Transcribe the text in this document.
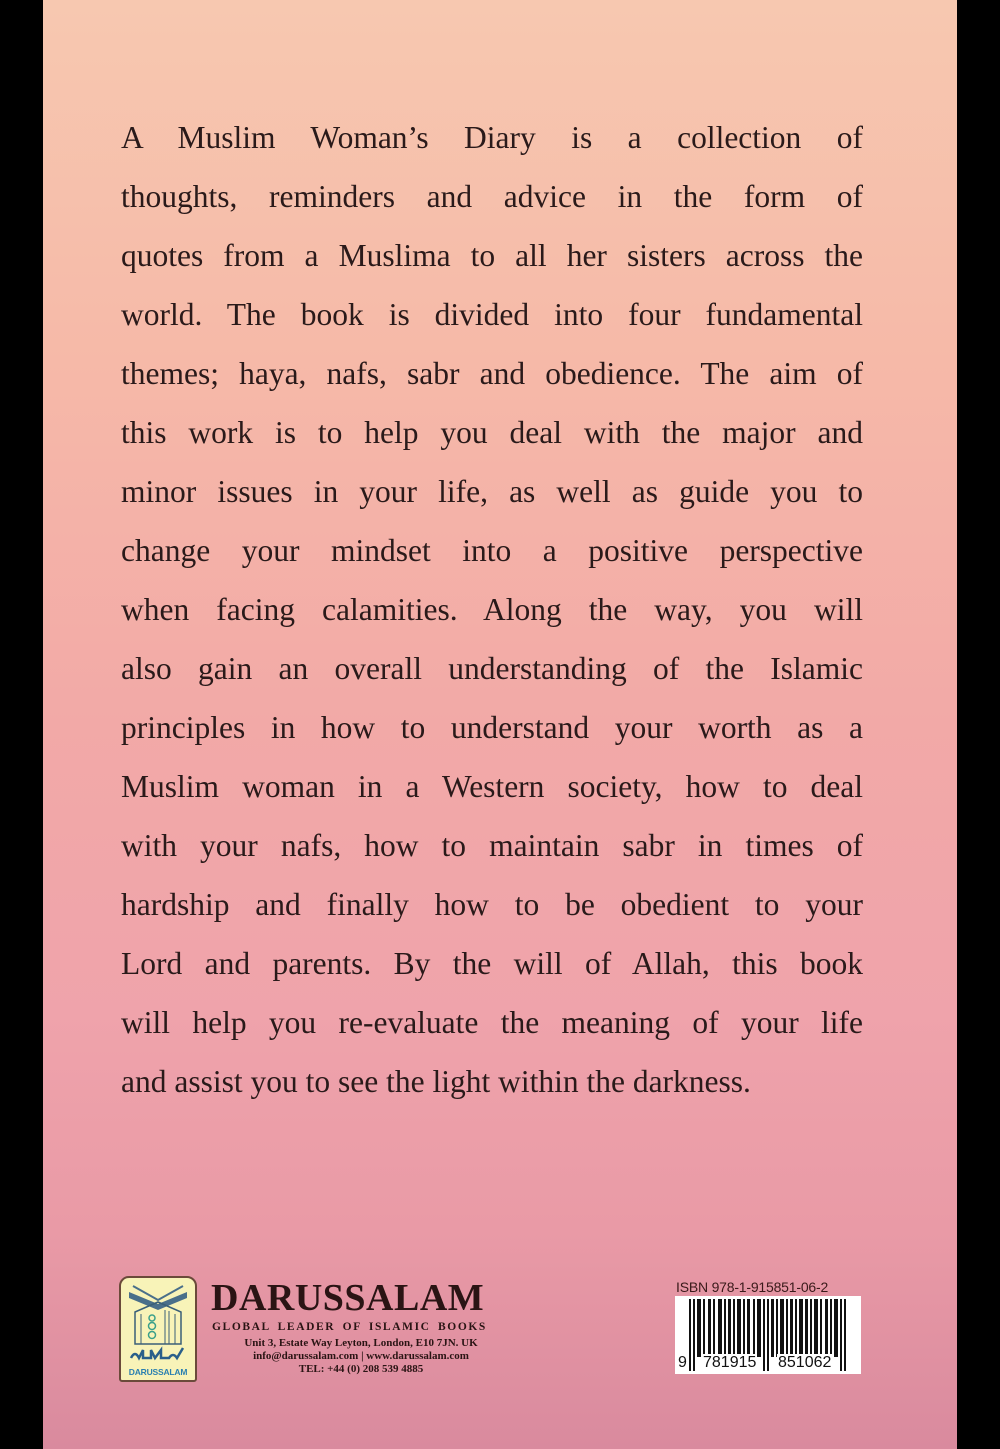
A Muslim Woman’s Diary is a collection of
thoughts, reminders and advice in the form of
quotes from a Muslima to all her sisters across the
world. The book is divided into four fundamental
themes; haya, nafs, sabr and obedience. The aim of
this work is to help you deal with the major and
minor issues in your life, as well as guide you to
change your mindset into a positive perspective
when facing calamities. Along the way, you will
also gain an overall understanding of the Islamic
principles in how to understand your worth as a
Muslim woman in a Western society, how to deal
with your nafs, how to maintain sabr in times of
hardship and finally how to be obedient to your
Lord and parents. By the will of Allah, this book
will help you re-evaluate the meaning of your life
and assist you to see the light within the darkness.
DARUSSALAM
DARUSSALAM
GLOBAL LEADER OF ISLAMIC BOOKS
Unit 3, Estate Way Leyton, London, E10 7JN. UK
info@darussalam.com | www.darussalam.com
TEL: +44 (0) 208 539 4885
ISBN 978-1-915851-06-2
9 781915 851062
